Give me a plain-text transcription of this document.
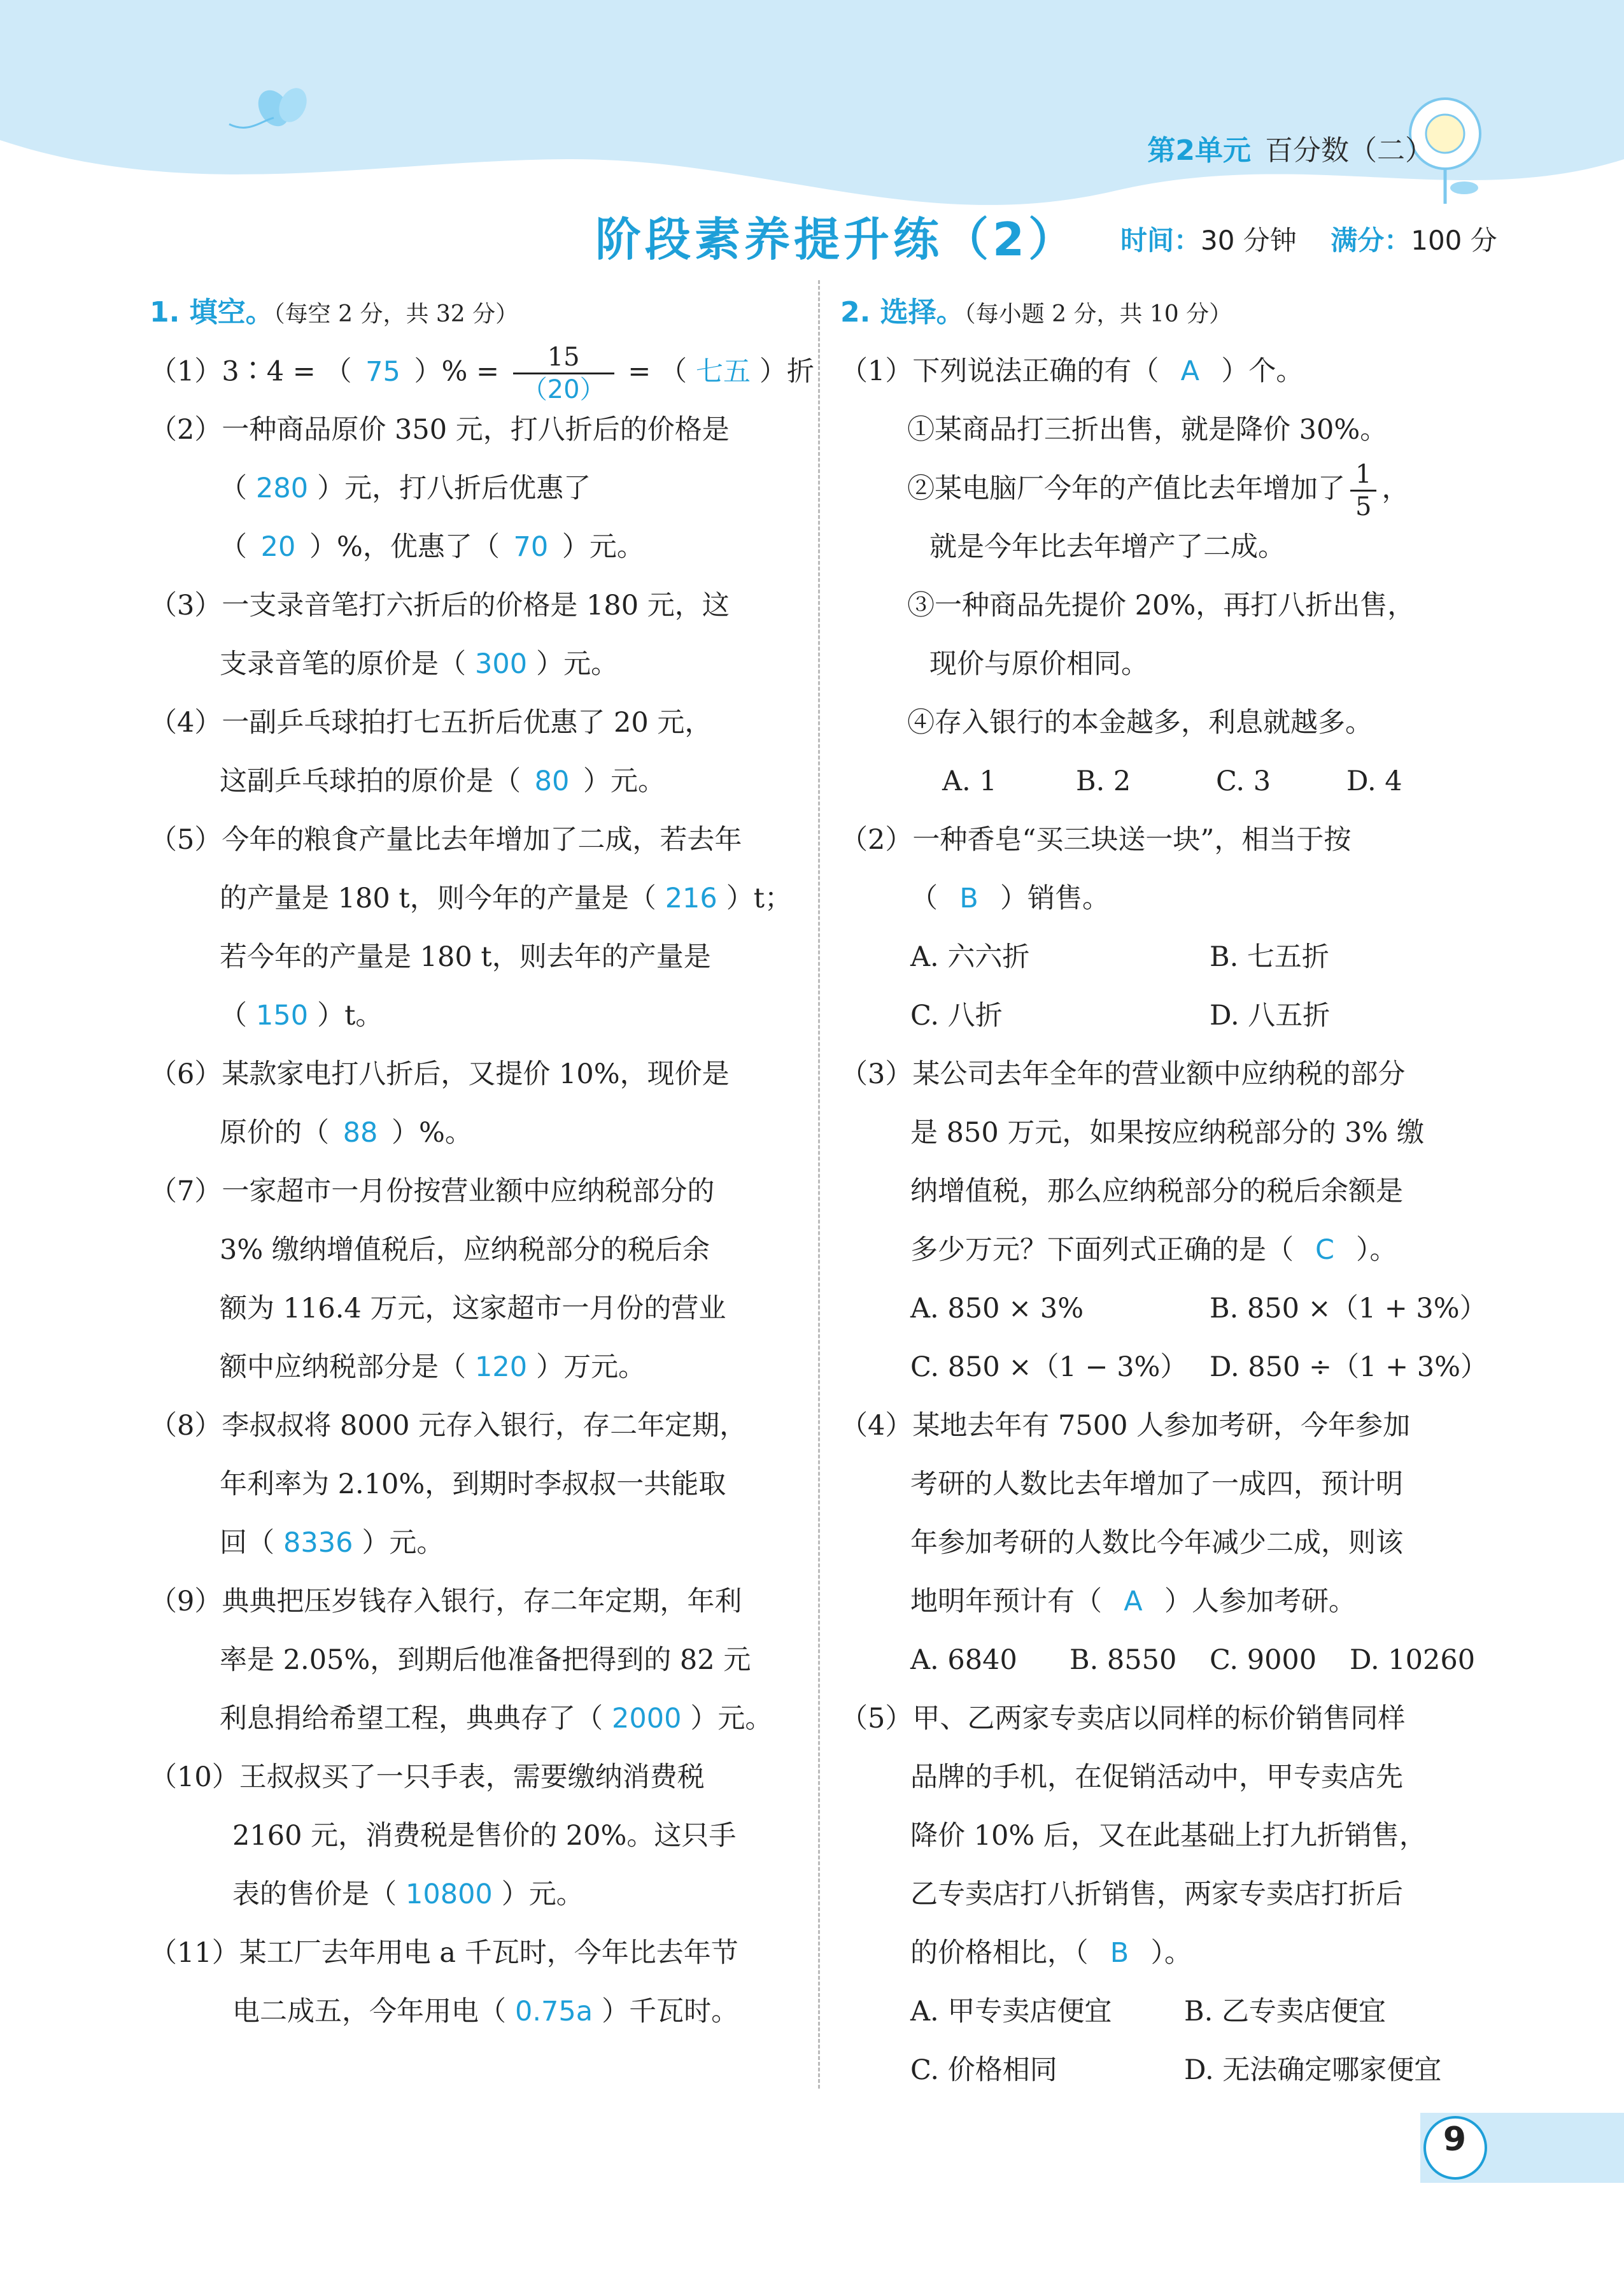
第2单元 百分数（二）
阶段素养提升练（2） 时间：30 分钟 满分：100 分
1. 填空。（每空 2 分，共 32 分）
（1）3∶4 = （ 75 ）% = $\frac{15}{(20)}$ = （ 七五 ）折
（2）一种商品原价 350 元，打八折后的价格是
（ 280 ）元，打八折后优惠了
（ 20 ）%，优惠了（ 70 ）元。
（3）一支录音笔打六折后的价格是 180 元，这
支录音笔的原价是（ 300 ）元。
（4）一副乒乓球拍打七五折后优惠了 20 元，
这副乒乓球拍的原价是（ 80 ）元。
（5）今年的粮食产量比去年增加了二成，若去年
的产量是 180 t，则今年的产量是（ 216 ）t；
若今年的产量是 180 t，则去年的产量是
（ 150 ）t。
（6）某款家电打八折后，又提价 10%，现价是
原价的（ 88 ）%。
（7）一家超市一月份按营业额中应纳税部分的
3% 缴纳增值税后，应纳税部分的税后余
额为 116.4 万元，这家超市一月份的营业
额中应纳税部分是（ 120 ）万元。
（8）李叔叔将 8000 元存入银行，存二年定期，
年利率为 2.10%，到期时李叔叔一共能取
回（ 8336 ）元。
（9）典典把压岁钱存入银行，存二年定期，年利
率是 2.05%，到期后他准备把得到的 82 元
利息捐给希望工程，典典存了（ 2000 ）元。
（10）王叔叔买了一只手表，需要缴纳消费税
2160 元，消费税是售价的 20%。这只手
表的售价是（ 10800 ）元。
（11）某工厂去年用电 a 千瓦时，今年比去年节
电二成五，今年用电（ 0.75a ）千瓦时。
2. 选择。（每小题 2 分，共 10 分）
（1）下列说法正确的有（ A ）个。
①某商品打三折出售，就是降价 30%。
②某电脑厂今年的产值比去年增加了 $\frac{1}{5}$ ，
就是今年比去年增产了二成。
③一种商品先提价 20%，再打八折出售，
现价与原价相同。
④存入银行的本金越多，利息就越多。
A. 1	B. 2	C. 3	D. 4
（2）一种香皂“买三块送一块”，相当于按
（ B ）销售。
A. 六六折	B. 七五折
C. 八折	D. 八五折
（3）某公司去年全年的营业额中应纳税的部分
是 850 万元，如果按应纳税部分的 3% 缴
纳增值税，那么应纳税部分的税后余额是
多少万元？下面列式正确的是（ C ）。
A. 850 × 3%	B. 850 ×（1 + 3%）
C. 850 ×（1 − 3%） D. 850 ÷（1 + 3%）
（4）某地去年有 7500 人参加考研，今年参加
考研的人数比去年增加了一成四，预计明
年参加考研的人数比今年减少二成，则该
地明年预计有（ A ）人参加考研。
A. 6840 B. 8550 C. 9000 D. 10260
（5）甲、乙两家专卖店以同样的标价销售同样
品牌的手机，在促销活动中，甲专卖店先
降价 10% 后，又在此基础上打九折销售，
乙专卖店打八折销售，两家专卖店打折后
的价格相比，（ B ）。
A. 甲专卖店便宜	B. 乙专卖店便宜
C. 价格相同	D. 无法确定哪家便宜
9
